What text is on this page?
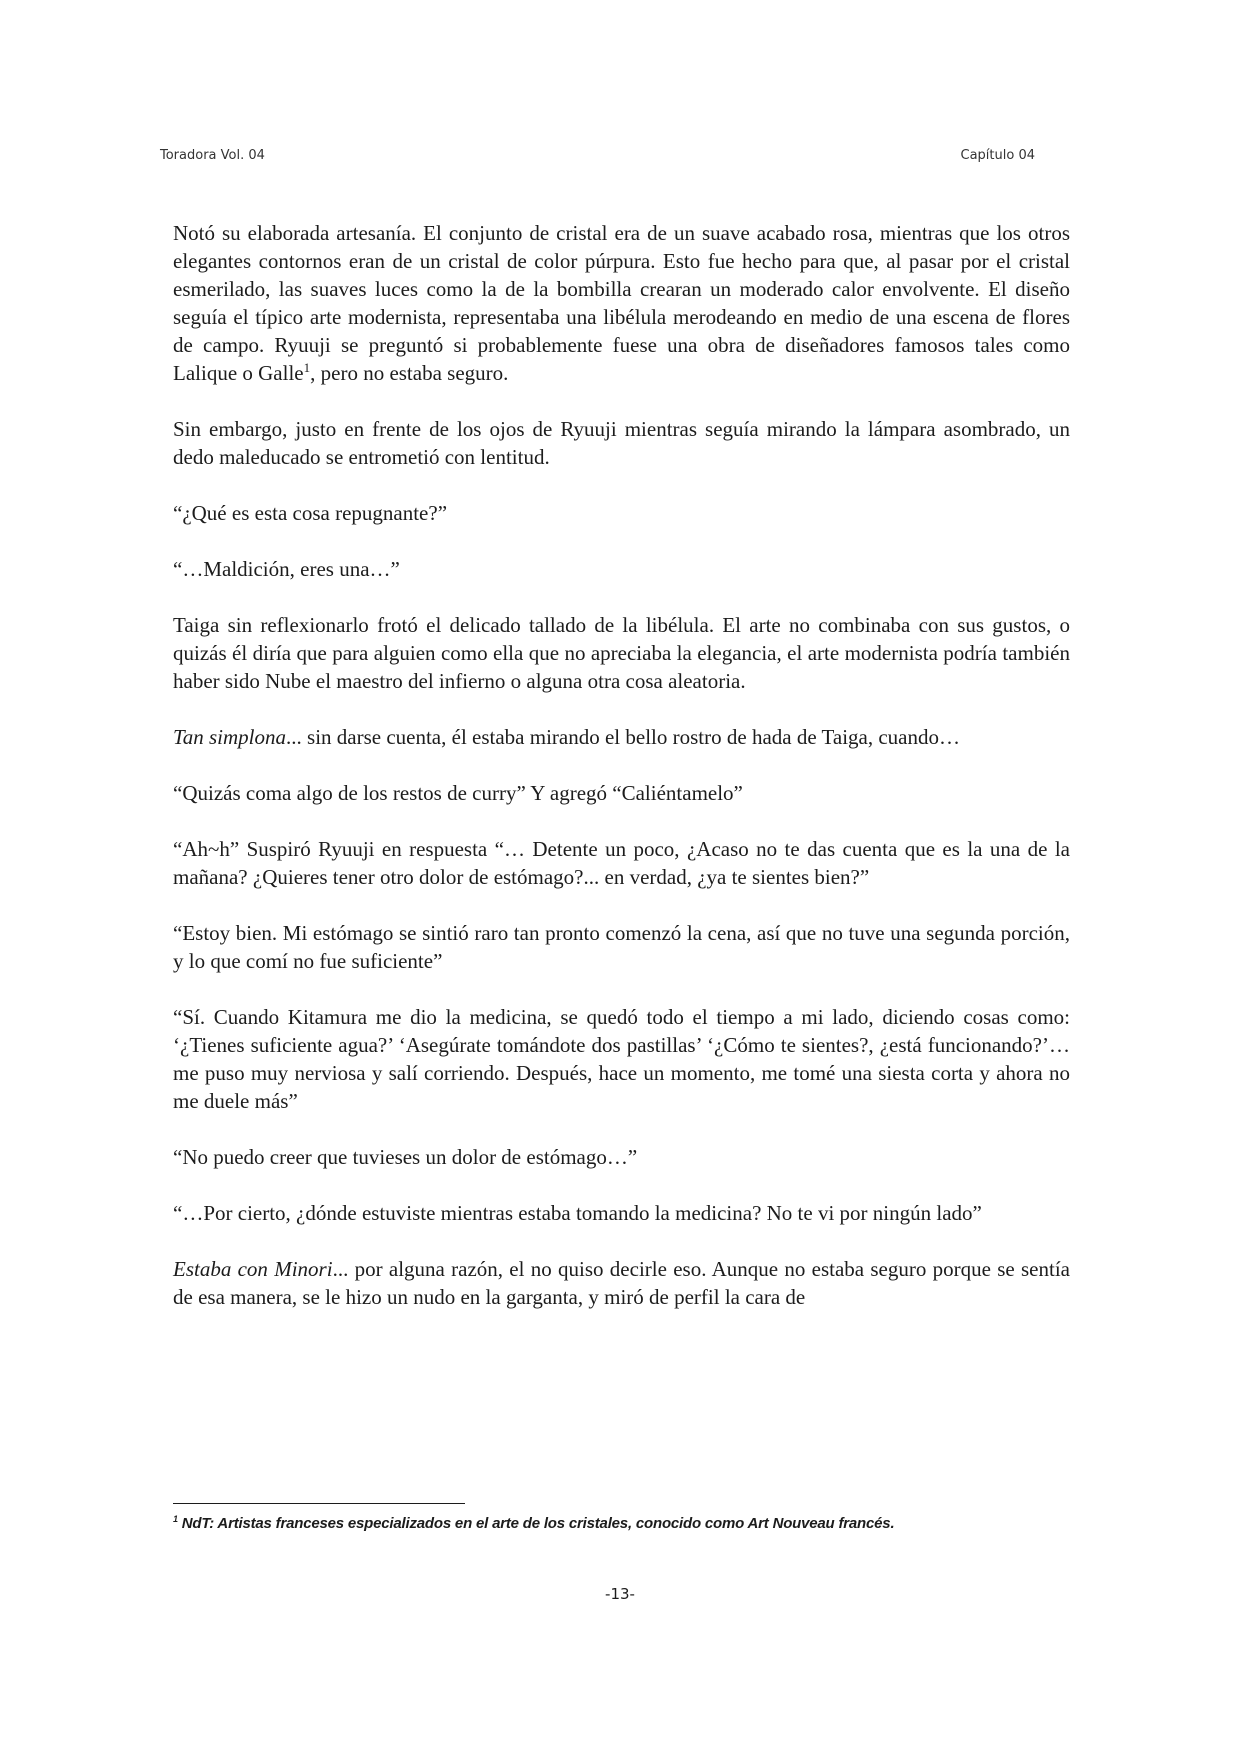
Toradora Vol. 04	Capítulo 04

Notó su elaborada artesanía. El conjunto de cristal era de un suave acabado rosa, mientras que los otros elegantes contornos eran de un cristal de color púrpura. Esto fue hecho para que, al pasar por el cristal esmerilado, las suaves luces como la de la bombilla crearan un moderado calor envolvente. El diseño seguía el típico arte modernista, representaba una libélula merodeando en medio de una escena de flores de campo. Ryuuji se preguntó si probablemente fuese una obra de diseñadores famosos tales como Lalique o Galle$^1$, pero no estaba seguro.

Sin embargo, justo en frente de los ojos de Ryuuji mientras seguía mirando la lámpara asombrado, un dedo maleducado se entrometió con lentitud.

“¿Qué es esta cosa repugnante?”

“…Maldición, eres una…”

Taiga sin reflexionarlo frotó el delicado tallado de la libélula. El arte no combinaba con sus gustos, o quizás él diría que para alguien como ella que no apreciaba la elegancia, el arte modernista podría también haber sido Nube el maestro del infierno o alguna otra cosa aleatoria.

Tan simplona... sin darse cuenta, él estaba mirando el bello rostro de hada de Taiga, cuando…

“Quizás coma algo de los restos de curry” Y agregó “Caliéntamelo”

“Ah~h” Suspiró Ryuuji en respuesta “… Detente un poco, ¿Acaso no te das cuenta que es la una de la mañana? ¿Quieres tener otro dolor de estómago?... en verdad, ¿ya te sientes bien?”

“Estoy bien. Mi estómago se sintió raro tan pronto comenzó la cena, así que no tuve una segunda porción, y lo que comí no fue suficiente”

“Sí. Cuando Kitamura me dio la medicina, se quedó todo el tiempo a mi lado, diciendo cosas como: ‘¿Tienes suficiente agua?’ ‘Asegúrate tomándote dos pastillas’ ‘¿Cómo te sientes?, ¿está funcionando?’… me puso muy nerviosa y salí corriendo. Después, hace un momento, me tomé una siesta corta y ahora no me duele más”

“No puedo creer que tuvieses un dolor de estómago…”

“…Por cierto, ¿dónde estuviste mientras estaba tomando la medicina? No te vi por ningún lado”

Estaba con Minori... por alguna razón, el no quiso decirle eso. Aunque no estaba seguro porque se sentía de esa manera, se le hizo un nudo en la garganta, y miró de perfil la cara de

$^1$ NdT: Artistas franceses especializados en el arte de los cristales, conocido como Art Nouveau francés.
-13-
